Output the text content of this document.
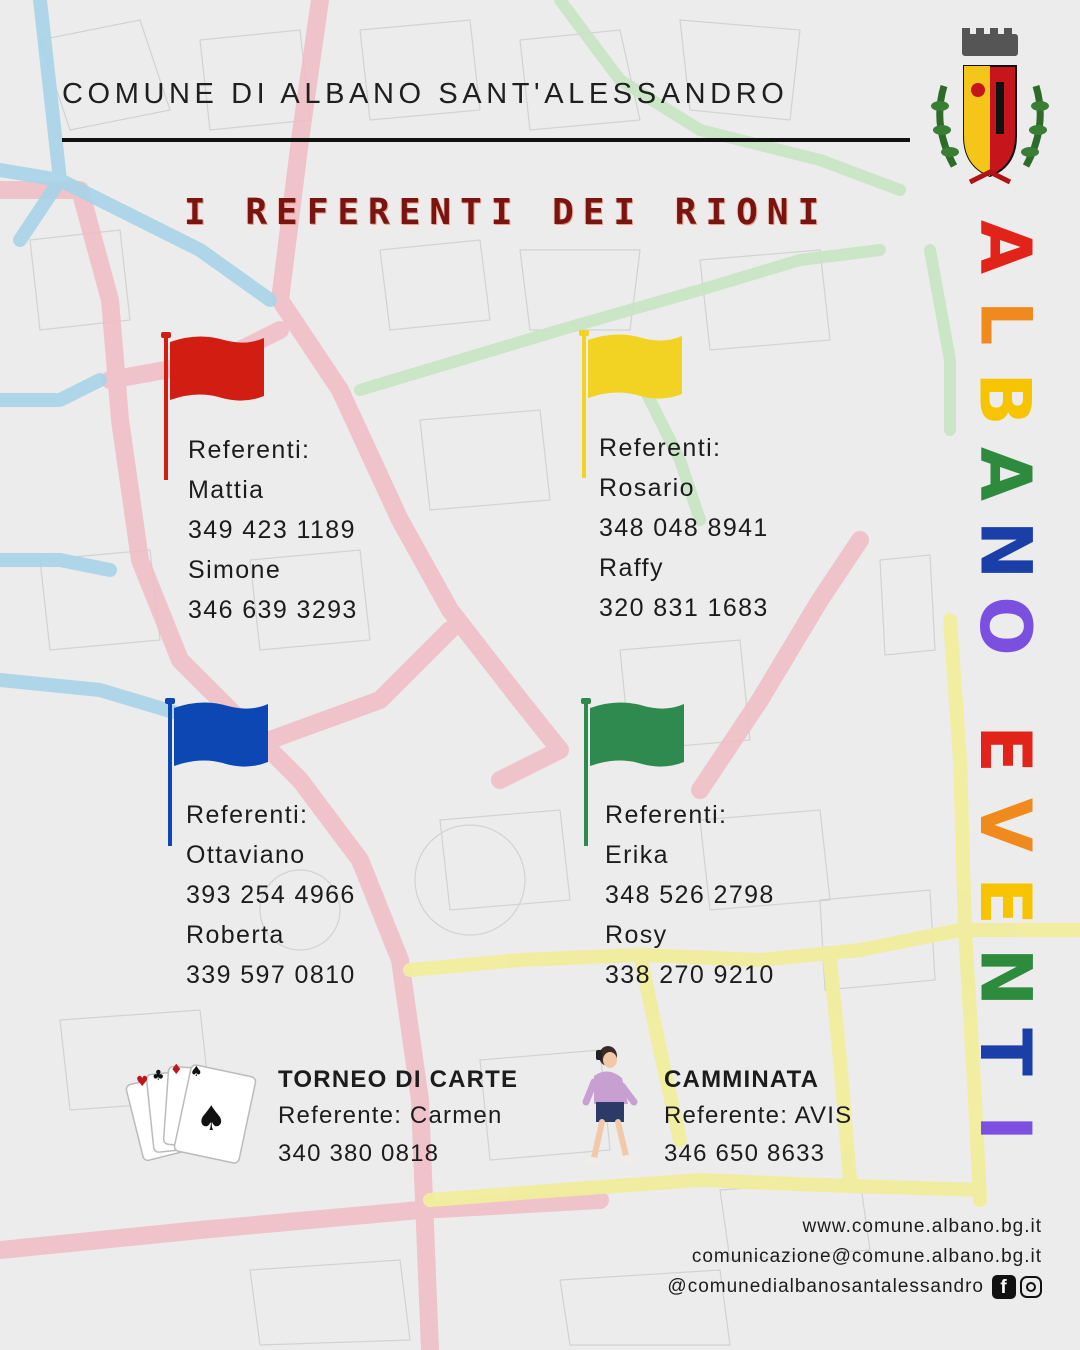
COMUNE DI ALBANO SANT'ALESSANDRO
I REFERENTI DEI RIONI
A
L
B
A
N
O
E
V
E
N
T
I
Referenti:
Mattia
349 423 1189
Simone
346 639 3293
Referenti:
Rosario
348 048 8941
Raffy
320 831 1683
Referenti:
Ottaviano
393 254 4966
Roberta
339 597 0810
Referenti:
Erika
348 526 2798
Rosy
338 270 9210
♥ ♣ ♦ ♠
♠
TORNEO DI CARTE
Referente: Carmen
340 380 0818
CAMMINATA
Referente: AVIS
346 650 8633
www.comune.albano.bg.it
comunicazione@comune.albano.bg.it
@comunedialbanosantalessandro f
